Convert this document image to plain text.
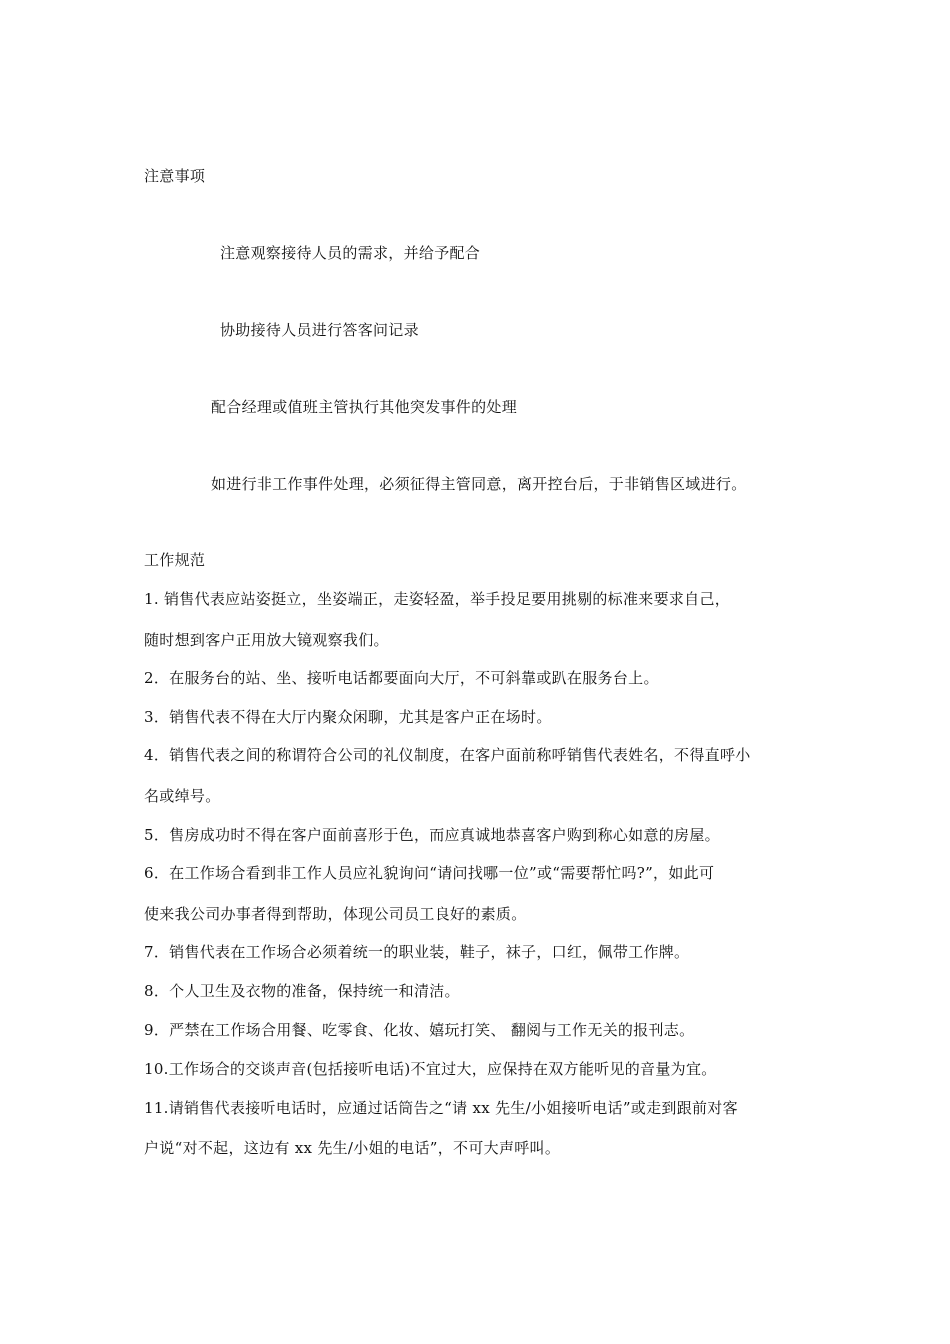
注意事项
注意观察接待人员的需求，并给予配合
协助接待人员进行答客问记录
配合经理或值班主管执行其他突发事件的处理
如进行非工作事件处理，必须征得主管同意，离开控台后，于非销售区域进行。
工作规范
1. 销售代表应站姿挺立，坐姿端正，走姿轻盈，举手投足要用挑剔的标准来要求自己，
随时想到客户正用放大镜观察我们。
2．在服务台的站、坐、接听电话都要面向大厅，不可斜靠或趴在服务台上。
3．销售代表不得在大厅内聚众闲聊，尤其是客户正在场时。
4．销售代表之间的称谓符合公司的礼仪制度，在客户面前称呼销售代表姓名，不得直呼小
名或绰号。
5．售房成功时不得在客户面前喜形于色，而应真诚地恭喜客户购到称心如意的房屋。
6．在工作场合看到非工作人员应礼貌询问“请问找哪一位”或“需要帮忙吗?”，如此可
使来我公司办事者得到帮助，体现公司员工良好的素质。
7．销售代表在工作场合必须着统一的职业装，鞋子，袜子，口红，佩带工作牌。
8．个人卫生及衣物的准备，保持统一和清洁。
9．严禁在工作场合用餐、吃零食、化妆、嬉玩打笑、 翻阅与工作无关的报刊志。
10.工作场合的交谈声音(包括接听电话)不宜过大，应保持在双方能听见的音量为宜。
11.请销售代表接听电话时，应通过话筒告之“请 xx 先生/小姐接听电话”或走到跟前对客
户说“对不起，这边有 xx 先生/小姐的电话”，不可大声呼叫。
